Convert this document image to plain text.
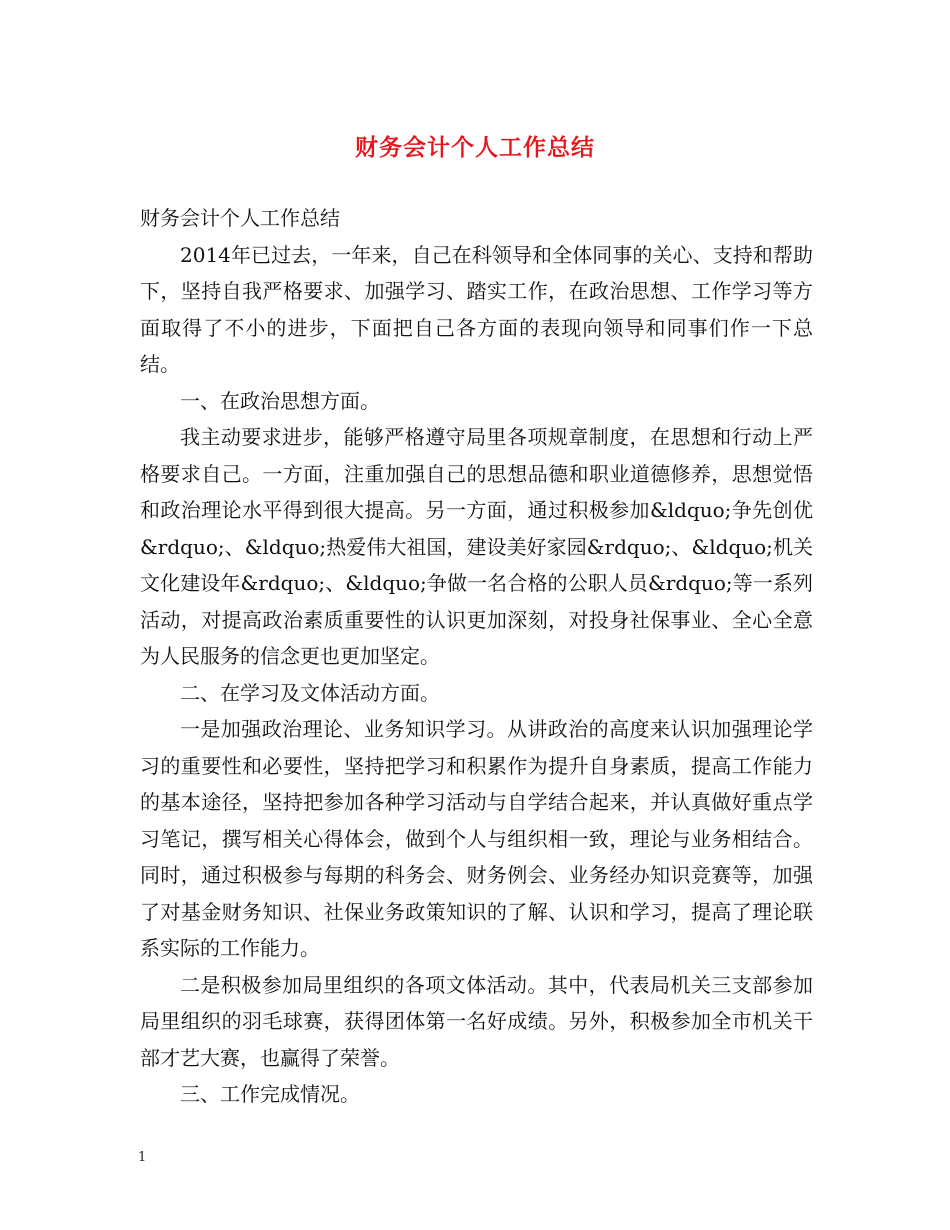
财务会计个人工作总结

财务会计个人工作总结

2014年已过去，一年来，自己在科领导和全体同事的关心、支持和帮助下，坚持自我严格要求、加强学习、踏实工作，在政治思想、工作学习等方面取得了不小的进步，下面把自己各方面的表现向领导和同事们作一下总结。

一、在政治思想方面。

我主动要求进步，能够严格遵守局里各项规章制度，在思想和行动上严格要求自己。一方面，注重加强自己的思想品德和职业道德修养，思想觉悟和政治理论水平得到很大提高。另一方面，通过积极参加&ldquo;争先创优&rdquo;、&ldquo;热爱伟大祖国，建设美好家园&rdquo;、&ldquo;机关文化建设年&rdquo;、&ldquo;争做一名合格的公职人员&rdquo;等一系列活动，对提高政治素质重要性的认识更加深刻，对投身社保事业、全心全意为人民服务的信念更也更加坚定。

二、在学习及文体活动方面。

一是加强政治理论、业务知识学习。从讲政治的高度来认识加强理论学习的重要性和必要性，坚持把学习和积累作为提升自身素质，提高工作能力的基本途径，坚持把参加各种学习活动与自学结合起来，并认真做好重点学习笔记，撰写相关心得体会，做到个人与组织相一致，理论与业务相结合。同时，通过积极参与每期的科务会、财务例会、业务经办知识竞赛等，加强了对基金财务知识、社保业务政策知识的了解、认识和学习，提高了理论联系实际的工作能力。

二是积极参加局里组织的各项文体活动。其中，代表局机关三支部参加局里组织的羽毛球赛，获得团体第一名好成绩。另外，积极参加全市机关干部才艺大赛，也赢得了荣誉。

三、工作完成情况。

1
